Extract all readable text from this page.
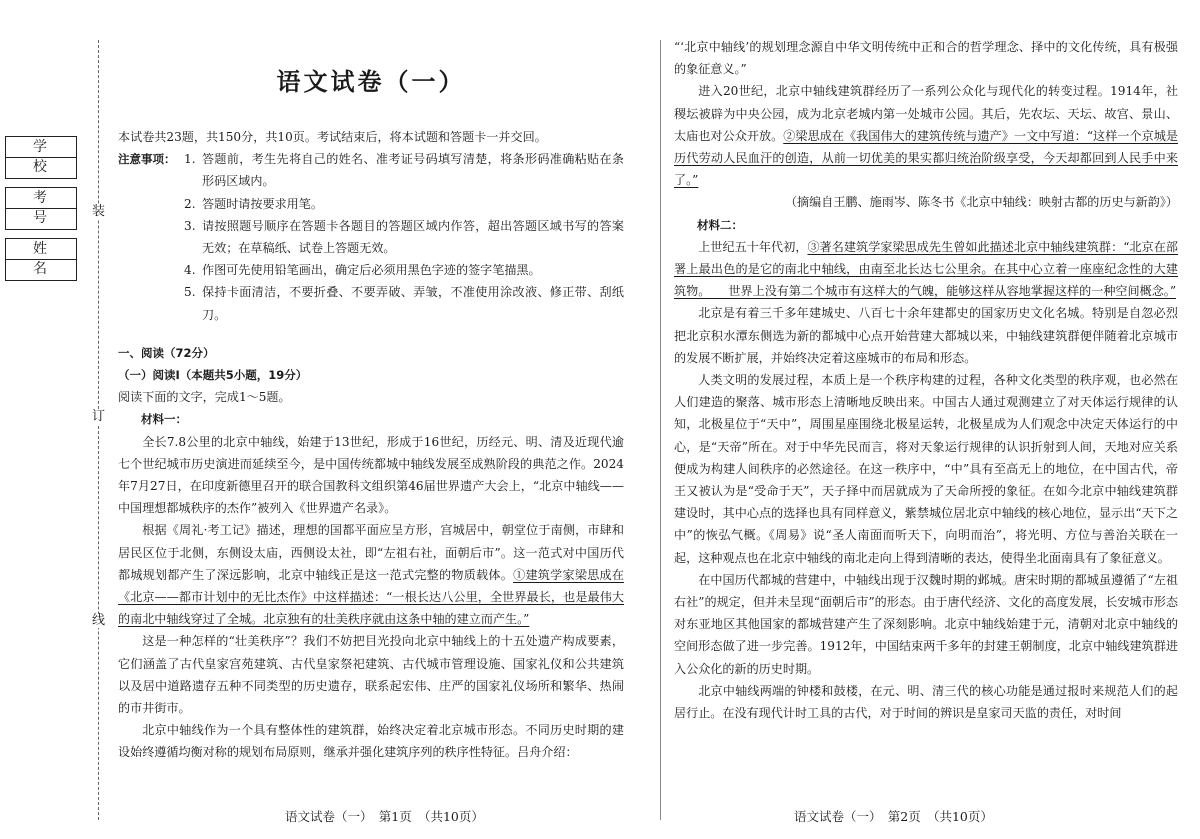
学　校
考　号
姓　名
装
订
线
语文试卷（一）

本试卷共23题，共150分，共10页。考试结束后，将本试题和答题卡一并交回。

注意事项： 1. 答题前，考生先将自己的姓名、准考证号码填写清楚，将条形码准确粘贴在条形码区域内。
2. 答题时请按要求用笔。
3. 请按照题号顺序在答题卡各题目的答题区域内作答，超出答题区域书写的答案无效；在草稿纸、试卷上答题无效。
4. 作图可先使用铅笔画出，确定后必须用黑色字迹的签字笔描黑。
5. 保持卡面清洁，不要折叠、不要弄破、弄皱，不准使用涂改液、修正带、刮纸刀。

一、阅读（72分）

（一）阅读Ⅰ（本题共5小题，19分）

阅读下面的文字，完成1～5题。

材料一：

全长7.8公里的北京中轴线，始建于13世纪，形成于16世纪，历经元、明、清及近现代逾七个世纪城市历史演进而延续至今，是中国传统都城中轴线发展至成熟阶段的典范之作。2024年7月27日，在印度新德里召开的联合国教科文组织第46届世界遗产大会上，“北京中轴线——中国理想都城秩序的杰作”被列入《世界遗产名录》。

根据《周礼·考工记》描述，理想的国都平面应呈方形，宫城居中，朝堂位于南侧，市肆和居民区位于北侧，东侧设太庙，西侧设太社，即“左祖右社，面朝后市”。这一范式对中国历代都城规划都产生了深远影响，北京中轴线正是这一范式完整的物质载体。①建筑学家梁思成在《北京——都市计划中的无比杰作》中这样描述：“一根长达八公里，全世界最长，也是最伟大的南北中轴线穿过了全城。北京独有的壮美秩序就由这条中轴的建立而产生。”

这是一种怎样的“壮美秩序”？我们不妨把目光投向北京中轴线上的十五处遗产构成要素，它们涵盖了古代皇家宫苑建筑、古代皇家祭祀建筑、古代城市管理设施、国家礼仪和公共建筑以及居中道路遗存五种不同类型的历史遗存，联系起宏伟、庄严的国家礼仪场所和繁华、热闹的市井街市。

北京中轴线作为一个具有整体性的建筑群，始终决定着北京城市形态。不同历史时期的建设始终遵循均衡对称的规划布局原则，继承并强化建筑序列的秩序性特征。吕舟介绍：

语文试卷（一）　第1页　（共10页）

“‘北京中轴线’的规划理念源自中华文明传统中正和合的哲学理念、择中的文化传统，具有极强的象征意义。”

进入20世纪，北京中轴线建筑群经历了一系列公众化与现代化的转变过程。1914年，社稷坛被辟为中央公园，成为北京老城内第一处城市公园。其后，先农坛、天坛、故宫、景山、太庙也对公众开放。②梁思成在《我国伟大的建筑传统与遗产》一文中写道：“这样一个京城是历代劳动人民血汗的创造，从前一切优美的果实都归统治阶级享受，今天却都回到人民手中来了。”

（摘编自王鹏、施雨岑、陈冬书《北京中轴线：映射古都的历史与新韵》）

材料二：

上世纪五十年代初，③著名建筑学家梁思成先生曾如此描述北京中轴线建筑群：“北京在部署上最出色的是它的南北中轴线，由南至北长达七公里余。在其中心立着一座座纪念性的大建筑物。　　世界上没有第二个城市有这样大的气魄，能够这样从容地掌握这样的一种空间概念。”

北京是有着三千多年建城史、八百七十余年建都史的国家历史文化名城。特别是自忽必烈把北京积水潭东侧选为新的都城中心点开始营建大都城以来，中轴线建筑群便伴随着北京城市的发展不断扩展，并始终决定着这座城市的布局和形态。

人类文明的发展过程，本质上是一个秩序构建的过程，各种文化类型的秩序观，也必然在人们建造的聚落、城市形态上清晰地反映出来。中国古人通过观测建立了对天体运行规律的认知，北极星位于“天中”，周围星座围绕北极星运转，北极星成为人们观念中决定天体运行的中心，是“天帝”所在。对于中华先民而言，将对天象运行规律的认识折射到人间，天地对应关系便成为构建人间秩序的必然途径。在这一秩序中，“中”具有至高无上的地位，在中国古代，帝王又被认为是“受命于天”，天子择中而居就成为了天命所授的象征。在如今北京中轴线建筑群建设时，其中心点的选择也具有同样意义，紫禁城位居北京中轴线的核心地位，显示出“天下之中”的恢弘气概。《周易》说“圣人南面而听天下，向明而治”，将光明、方位与善治关联在一起，这种观点也在北京中轴线的南北走向上得到清晰的表达，使得坐北面南具有了象征意义。

在中国历代都城的营建中，中轴线出现于汉魏时期的邺城。唐宋时期的都城虽遵循了“左祖右社”的规定，但并未呈现“面朝后市”的形态。由于唐代经济、文化的高度发展，长安城市形态对东亚地区其他国家的都城营建产生了深刻影响。北京中轴线始建于元，清朝对北京中轴线的空间形态做了进一步完善。1912年，中国结束两千多年的封建王朝制度，北京中轴线建筑群进入公众化的新的历史时期。

北京中轴线两端的钟楼和鼓楼，在元、明、清三代的核心功能是通过报时来规范人们的起居行止。在没有现代计时工具的古代，对于时间的辨识是皇家司天监的责任，对时间

语文试卷（一）　第2页　（共10页）
